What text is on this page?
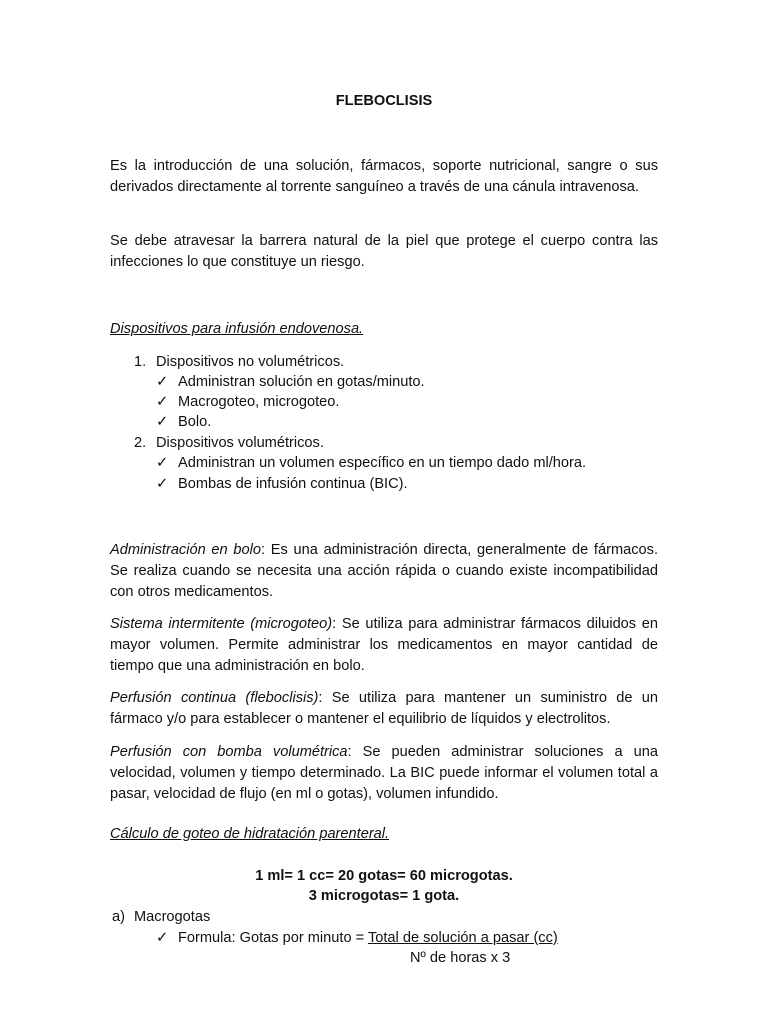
FLEBOCLISIS
Es la introducción de una solución, fármacos, soporte nutricional, sangre o sus derivados directamente al torrente sanguíneo a través de una cánula intravenosa.
Se debe atravesar la barrera natural de la piel que protege el cuerpo contra las infecciones lo que constituye un riesgo.
Dispositivos para infusión endovenosa.
1. Dispositivos no volumétricos.
✓ Administran solución en gotas/minuto.
✓ Macrogoteo, microgoteo.
✓ Bolo.
2. Dispositivos volumétricos.
✓ Administran un volumen específico en un tiempo dado ml/hora.
✓ Bombas de infusión continua (BIC).
Administración en bolo: Es una administración directa, generalmente de fármacos. Se realiza cuando se necesita una acción rápida o cuando existe incompatibilidad con otros medicamentos.
Sistema intermitente (microgoteo): Se utiliza para administrar fármacos diluidos en mayor volumen. Permite administrar los medicamentos en mayor cantidad de tiempo que una administración en bolo.
Perfusión continua (fleboclisis): Se utiliza para mantener un suministro de un fármaco y/o para establecer o mantener el equilibrio de líquidos y electrolitos.
Perfusión con bomba volumétrica: Se pueden administrar soluciones a una velocidad, volumen y tiempo determinado. La BIC puede informar el volumen total a pasar, velocidad de flujo (en ml o gotas), volumen infundido.
Cálculo de goteo de hidratación parenteral.
1 ml= 1 cc= 20 gotas= 60 microgotas.
3 microgotas= 1 gota.
a) Macrogotas
✓ Formula: Gotas por minuto = Total de solución a pasar (cc)
Nº de horas x 3
